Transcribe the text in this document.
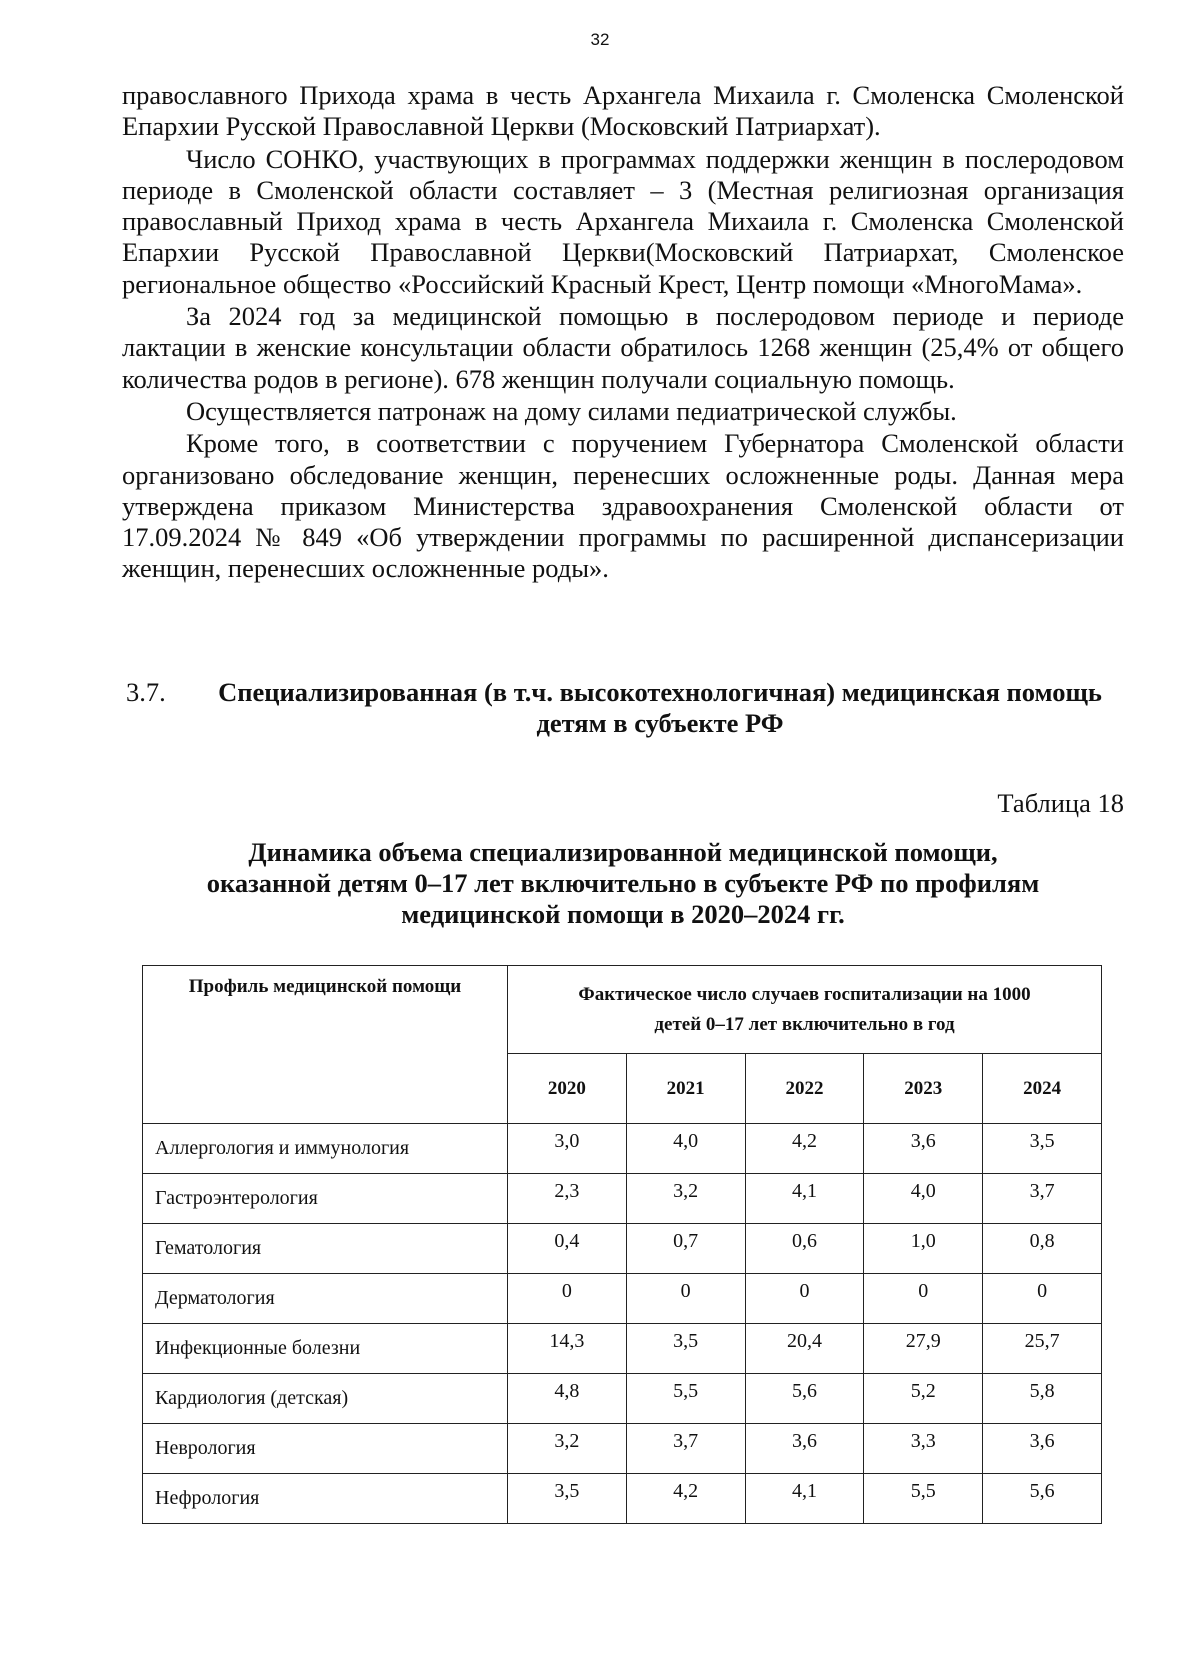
32

православного Прихода храма в честь Архангела Михаила г. Смоленска Смоленской Епархии Русской Православной Церкви (Московский Патриархат).

Число СОНКО, участвующих в программах поддержки женщин в послеродовом периоде в Смоленской области составляет – 3 (Местная религиозная организация православный Приход храма в честь Архангела Михаила г. Смоленска Смоленской Епархии Русской Православной Церкви(Московский Патриархат, Смоленское региональное общество «Российский Красный Крест, Центр помощи «МногоМама».

За 2024 год за медицинской помощью в послеродовом периоде и периоде лактации в женские консультации области обратилось 1268 женщин (25,4% от общего количества родов в регионе). 678 женщин получали социальную помощь.

Осуществляется патронаж на дому силами педиатрической службы.

Кроме того, в соответствии с поручением Губернатора Смоленской области организовано обследование женщин, перенесших осложненные роды. Данная мера утверждена приказом Министерства здравоохранения Смоленской области от 17.09.2024 № 849 «Об утверждении программы по расширенной диспансеризации женщин, перенесших осложненные роды».

3.7.	Специализированная (в т.ч. высокотехнологичная) медицинская помощь детям в субъекте РФ
Таблица 18
Динамика объема специализированной медицинской помощи,
оказанной детям 0–17 лет включительно в субъекте РФ по профилям
медицинской помощи в 2020–2024 гг.
Профиль медицинской помощи	Фактическое число случаев госпитализации на 1000
детей 0–17 лет включительно в год				

	2020	2021	2022	2023	2024
Аллергология и иммунология	3,0	4,0	4,2	3,6	3,5
Гастроэнтерология	2,3	3,2	4,1	4,0	3,7
Гематология	0,4	0,7	0,6	1,0	0,8
Дерматология	0	0	0	0	0
Инфекционные болезни	14,3	3,5	20,4	27,9	25,7
Кардиология (детская)	4,8	5,5	5,6	5,2	5,8
Неврология	3,2	3,7	3,6	3,3	3,6
Нефрология	3,5	4,2	4,1	5,5	5,6
